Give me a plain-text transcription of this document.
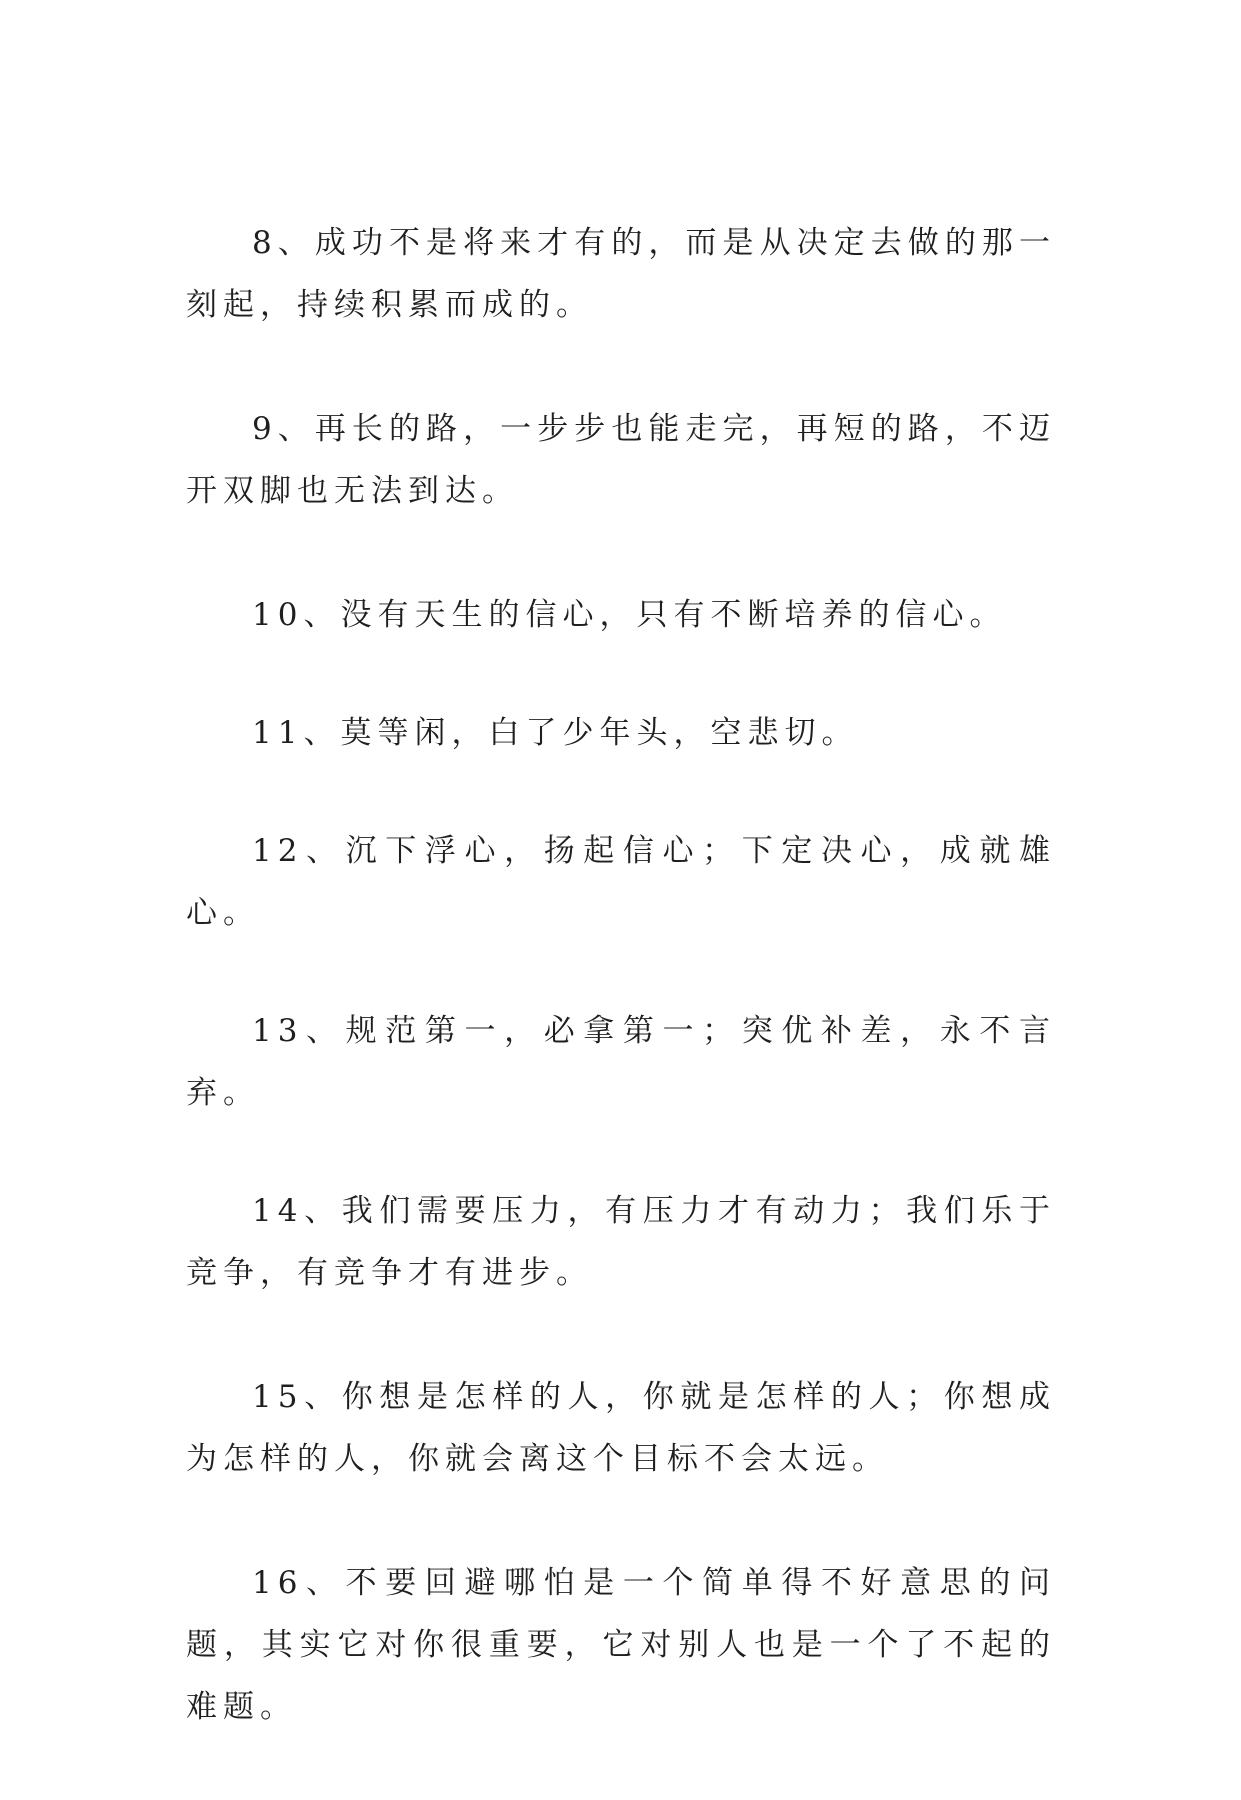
8、成功不是将来才有的，而是从决定去做的那一刻起，持续积累而成的。

9、再长的路，一步步也能走完，再短的路，不迈开双脚也无法到达。

10、没有天生的信心，只有不断培养的信心。

11、莫等闲，白了少年头，空悲切。

12、沉下浮心，扬起信心；下定决心，成就雄心。

13、规范第一，必拿第一；突优补差，永不言弃。

14、我们需要压力，有压力才有动力；我们乐于竞争，有竞争才有进步。

15、你想是怎样的人，你就是怎样的人；你想成为怎样的人，你就会离这个目标不会太远。

16、不要回避哪怕是一个简单得不好意思的问题，其实它对你很重要，它对别人也是一个了不起的难题。
